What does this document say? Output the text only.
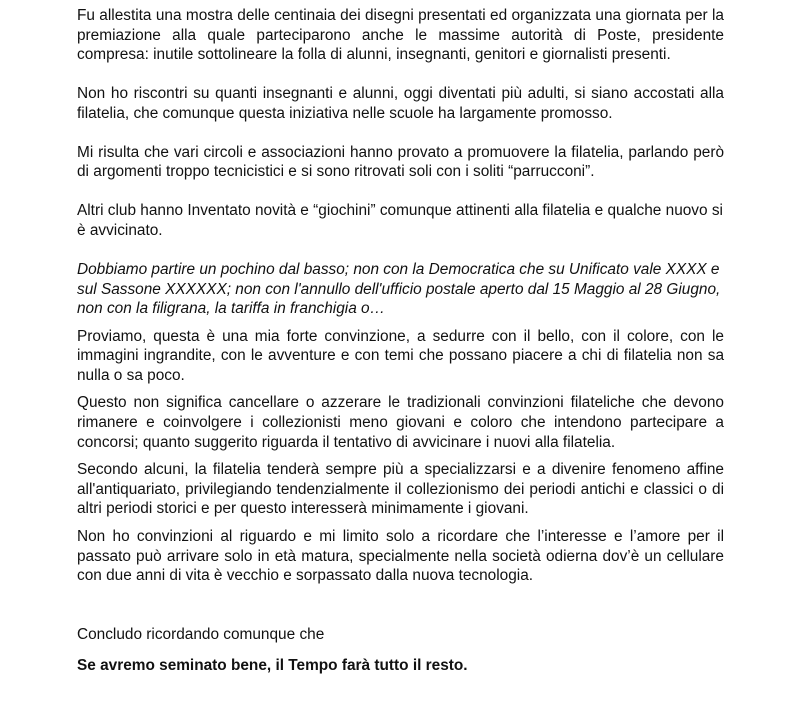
Fu allestita una mostra delle centinaia dei disegni presentati ed organizzata una giornata per la premiazione alla quale parteciparono anche le massime autorità di Poste, presidente compresa: inutile sottolineare la folla di alunni, insegnanti, genitori e giornalisti presenti.

Non ho riscontri su quanti insegnanti e alunni, oggi diventati più adulti, si siano accostati alla filatelia, che comunque questa iniziativa nelle scuole ha largamente promosso.

Mi risulta che vari circoli e associazioni hanno provato a promuovere la filatelia, parlando però di argomenti troppo tecnicistici e si sono ritrovati soli con i soliti “parrucconi”.

Altri club hanno Inventato novità e “giochini” comunque attinenti alla filatelia e qualche nuovo si è avvicinato.

Dobbiamo partire un pochino dal basso; non con la Democratica che su Unificato vale XXXX e sul Sassone XXXXXX; non con l'annullo dell'ufficio postale aperto dal 15 Maggio al 28 Giugno, non con la filigrana, la tariffa in franchigia o…

Proviamo, questa è una mia forte convinzione, a sedurre con il bello, con il colore, con le immagini ingrandite, con le avventure e con temi che possano piacere a chi di filatelia non sa nulla o sa poco.

Questo non significa cancellare o azzerare le tradizionali convinzioni filateliche che devono rimanere e coinvolgere i collezionisti meno giovani e coloro che intendono partecipare a concorsi; quanto suggerito riguarda il tentativo di avvicinare i nuovi alla filatelia.

Secondo alcuni, la filatelia tenderà sempre più a specializzarsi e a divenire fenomeno affine all'antiquariato, privilegiando tendenzialmente il collezionismo dei periodi antichi e classici o di altri periodi storici e per questo interesserà minimamente i giovani.

Non ho convinzioni al riguardo e mi limito solo a ricordare che l’interesse e l’amore per il passato può arrivare solo in età matura, specialmente nella società odierna dov’è un cellulare con due anni di vita è vecchio e sorpassato dalla nuova tecnologia.

Concludo ricordando comunque che

Se avremo seminato bene, il Tempo farà tutto il resto.
